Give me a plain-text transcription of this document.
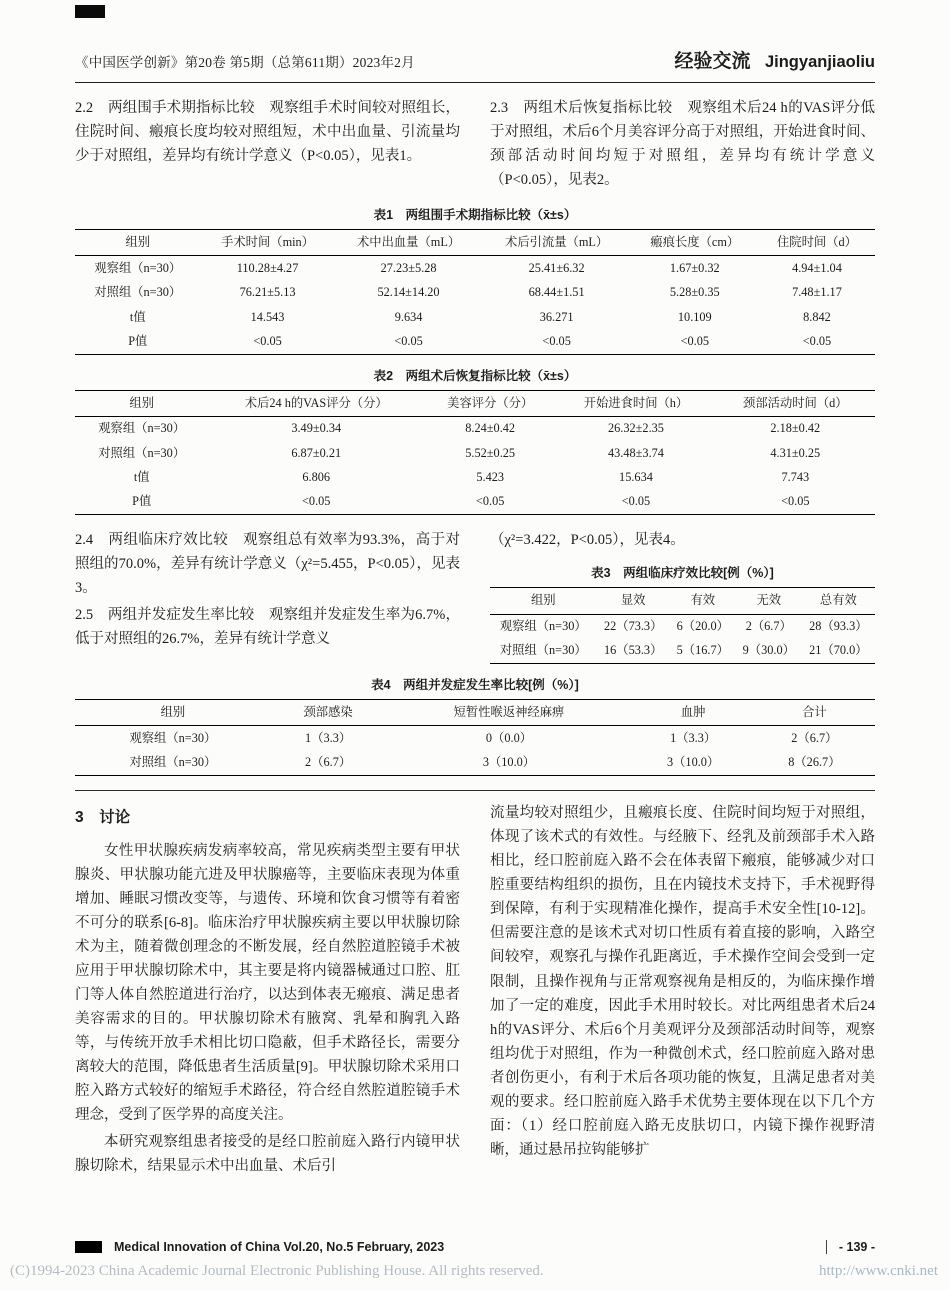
《中国医学创新》第20卷 第5期（总第611期）2023年2月	经验交流 Jingyanjiaoliu

2.2　两组围手术期指标比较　观察组手术时间较对照组长，住院时间、瘢痕长度均较对照组短，术中出血量、引流量均少于对照组，差异均有统计学意义（P<0.05），见表1。

2.3　两组术后恢复指标比较　观察组术后24 h的VAS评分低于对照组，术后6个月美容评分高于对照组，开始进食时间、颈部活动时间均短于对照组，差异均有统计学意义（P<0.05），见表2。

表1　两组围手术期指标比较（x̄±s）
组别	手术时间（min）	术中出血量（mL）	术后引流量（mL）	瘢痕长度（cm）	住院时间（d）
观察组（n=30）	110.28±4.27	27.23±5.28	25.41±6.32	1.67±0.32	4.94±1.04
对照组（n=30）	76.21±5.13	52.14±14.20	68.44±1.51	5.28±0.35	7.48±1.17
t值	14.543	9.634	36.271	10.109	8.842
P值	<0.05	<0.05	<0.05	<0.05	<0.05
表2　两组术后恢复指标比较（x̄±s）
组别	术后24 h的VAS评分（分）	美容评分（分）	开始进食时间（h）	颈部活动时间（d）
观察组（n=30）	3.49±0.34	8.24±0.42	26.32±2.35	2.18±0.42
对照组（n=30）	6.87±0.21	5.52±0.25	43.48±3.74	4.31±0.25
t值	6.806	5.423	15.634	7.743
P值	<0.05	<0.05	<0.05	<0.05

2.4　两组临床疗效比较　观察组总有效率为93.3%，高于对照组的70.0%，差异有统计学意义（χ²=5.455，P<0.05），见表3。

2.5　两组并发症发生率比较　观察组并发症发生率为6.7%，低于对照组的26.7%，差异有统计学意义

（χ²=3.422，P<0.05），见表4。

表3　两组临床疗效比较[例（%）]
组别	显效	有效	无效	总有效
观察组（n=30）	22（73.3）	6（20.0）	2（6.7）	28（93.3）
对照组（n=30）	16（53.3）	5（16.7）	9（30.0）	21（70.0）
表4　两组并发症发生率比较[例（%）]
组别	颈部感染	短暂性喉返神经麻痹	血肿	合计
观察组（n=30）	1（3.3）	0（0.0）	1（3.3）	2（6.7）
对照组（n=30）	2（6.7）	3（10.0）	3（10.0）	8（26.7）
3　讨论

女性甲状腺疾病发病率较高，常见疾病类型主要有甲状腺炎、甲状腺功能亢进及甲状腺癌等，主要临床表现为体重增加、睡眠习惯改变等，与遗传、环境和饮食习惯等有着密不可分的联系[6-8]。临床治疗甲状腺疾病主要以甲状腺切除术为主，随着微创理念的不断发展，经自然腔道腔镜手术被应用于甲状腺切除术中，其主要是将内镜器械通过口腔、肛门等人体自然腔道进行治疗，以达到体表无瘢痕、满足患者美容需求的目的。甲状腺切除术有腋窝、乳晕和胸乳入路等，与传统开放手术相比切口隐蔽，但手术路径长，需要分离较大的范围，降低患者生活质量[9]。甲状腺切除术采用口腔入路方式较好的缩短手术路径，符合经自然腔道腔镜手术理念，受到了医学界的高度关注。

本研究观察组患者接受的是经口腔前庭入路行内镜甲状腺切除术，结果显示术中出血量、术后引

流量均较对照组少，且瘢痕长度、住院时间均短于对照组，体现了该术式的有效性。与经腋下、经乳及前颈部手术入路相比，经口腔前庭入路不会在体表留下瘢痕，能够减少对口腔重要结构组织的损伤，且在内镜技术支持下，手术视野得到保障，有利于实现精准化操作，提高手术安全性[10-12]。但需要注意的是该术式对切口性质有着直接的影响，入路空间较窄，观察孔与操作孔距离近，手术操作空间会受到一定限制，且操作视角与正常观察视角是相反的，为临床操作增加了一定的难度，因此手术用时较长。对比两组患者术后24 h的VAS评分、术后6个月美观评分及颈部活动时间等，观察组均优于对照组，作为一种微创术式，经口腔前庭入路对患者创伤更小，有利于术后各项功能的恢复，且满足患者对美观的要求。经口腔前庭入路手术优势主要体现在以下几个方面：（1）经口腔前庭入路无皮肤切口，内镜下操作视野清晰，通过悬吊拉钩能够扩

Medical Innovation of China Vol.20, No.5 February, 2023	- 139 -
(C)1994-2023 China Academic Journal Electronic Publishing House. All rights reserved.	http://www.cnki.net
